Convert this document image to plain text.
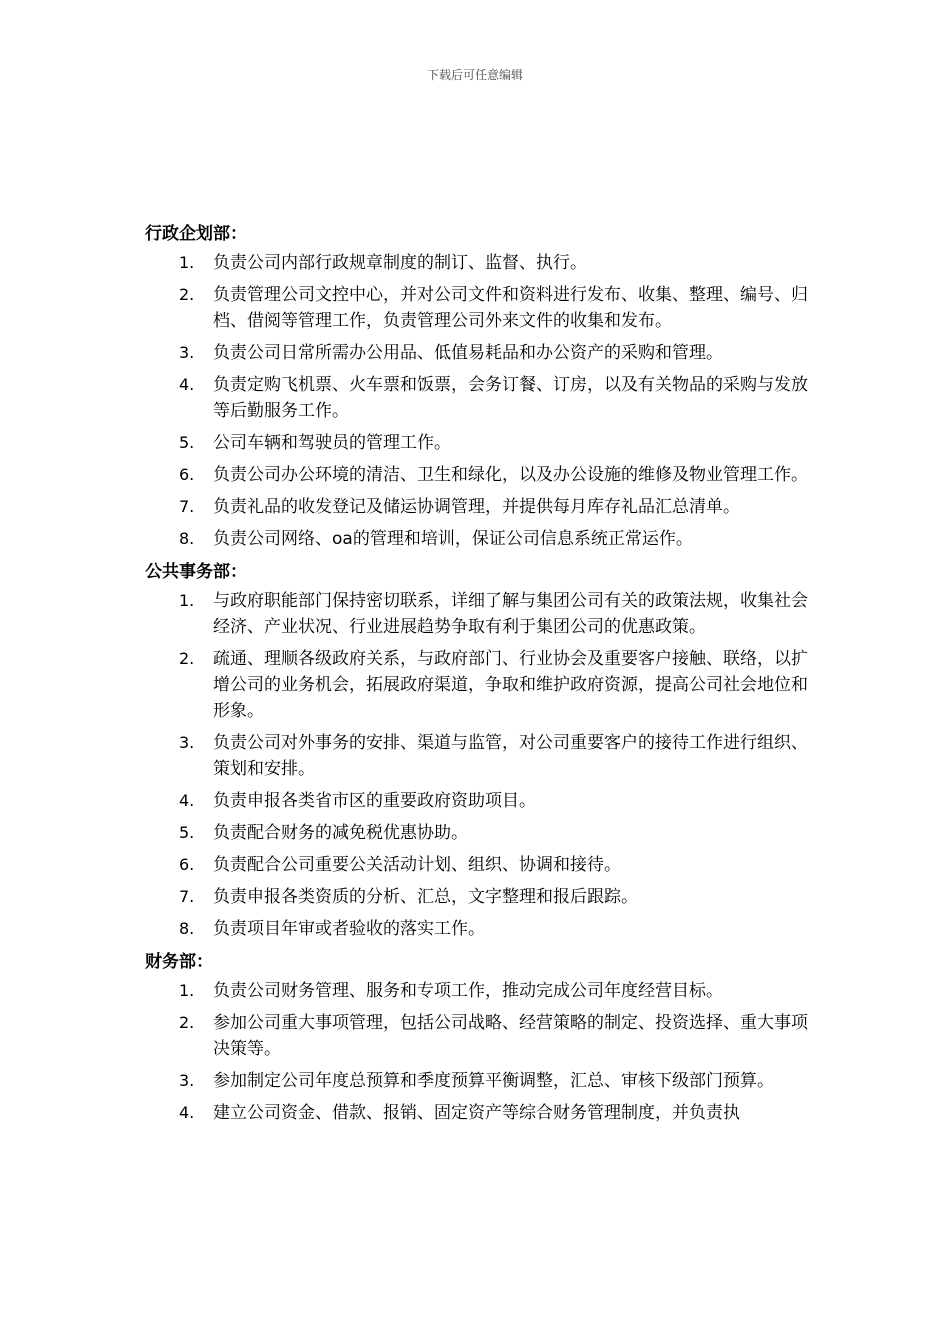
下载后可任意编辑
行政企划部：
1.	负责公司内部行政规章制度的制订、监督、执行。
2.	负责管理公司文控中心，并对公司文件和资料进行发布、收集、整理、编号、归档、借阅等管理工作，负责管理公司外来文件的收集和发布。
3.	负责公司日常所需办公用品、低值易耗品和办公资产的采购和管理。
4.	负责定购飞机票、火车票和饭票，会务订餐、订房，以及有关物品的采购与发放等后勤服务工作。
5.	公司车辆和驾驶员的管理工作。
6.	负责公司办公环境的清洁、卫生和绿化，以及办公设施的维修及物业管理工作。
7.	负责礼品的收发登记及储运协调管理，并提供每月库存礼品汇总清单。
8.	负责公司网络、oa的管理和培训，保证公司信息系统正常运作。
公共事务部：
1.	与政府职能部门保持密切联系，详细了解与集团公司有关的政策法规，收集社会经济、产业状况、行业进展趋势争取有利于集团公司的优惠政策。
2.	疏通、理顺各级政府关系，与政府部门、行业协会及重要客户接触、联络，以扩增公司的业务机会，拓展政府渠道，争取和维护政府资源，提高公司社会地位和形象。
3.	负责公司对外事务的安排、渠道与监管，对公司重要客户的接待工作进行组织、策划和安排。
4.	负责申报各类省市区的重要政府资助项目。
5.	负责配合财务的减免税优惠协助。
6.	负责配合公司重要公关活动计划、组织、协调和接待。
7.	负责申报各类资质的分析、汇总，文字整理和报后跟踪。
8.	负责项目年审或者验收的落实工作。
财务部：
1.	负责公司财务管理、服务和专项工作，推动完成公司年度经营目标。
2.	参加公司重大事项管理，包括公司战略、经营策略的制定、投资选择、重大事项决策等。
3.	参加制定公司年度总预算和季度预算平衡调整，汇总、审核下级部门预算。
4.	建立公司资金、借款、报销、固定资产等综合财务管理制度，并负责执
